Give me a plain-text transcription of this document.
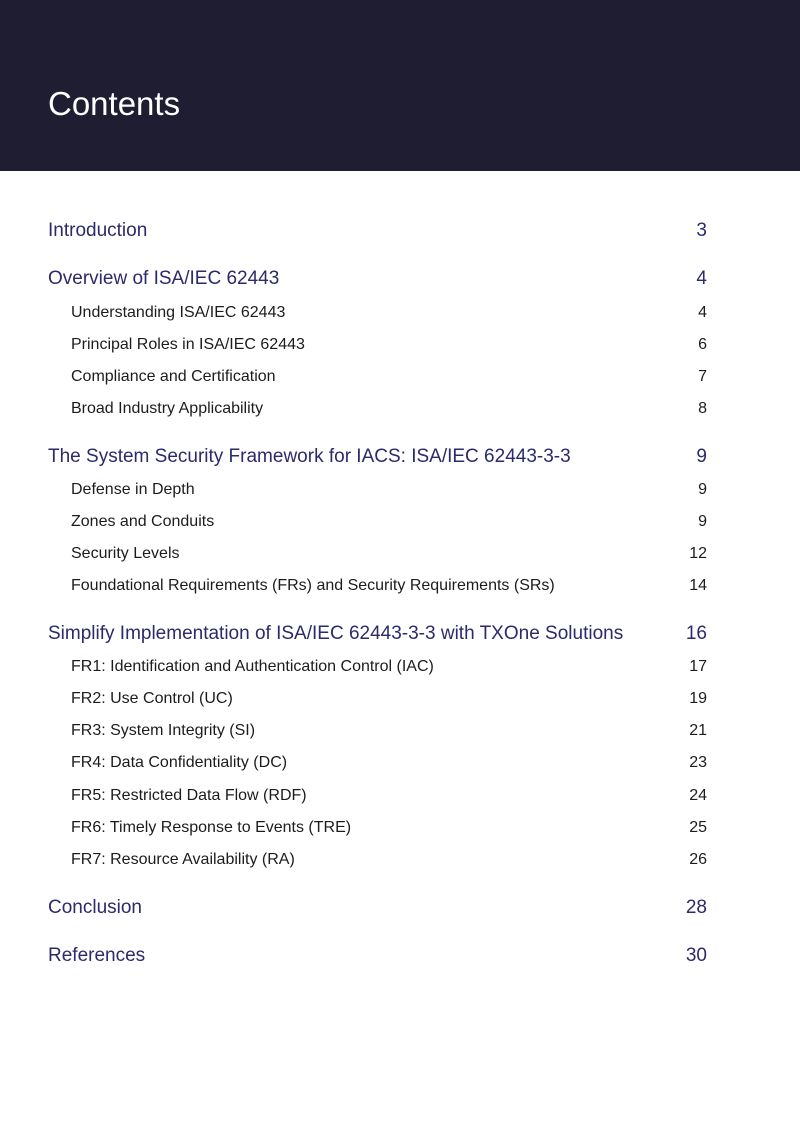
Contents
Introduction	3
Overview of ISA/IEC 62443	4
Understanding ISA/IEC 62443	4
Principal Roles in ISA/IEC 62443	6
Compliance and Certification	7
Broad Industry Applicability	8
The System Security Framework for IACS: ISA/IEC 62443-3-3	9
Defense in Depth	9
Zones and Conduits	9
Security Levels	12
Foundational Requirements (FRs) and Security Requirements (SRs)	14
Simplify Implementation of ISA/IEC 62443-3-3 with TXOne Solutions	16
FR1: Identification and Authentication Control (IAC)	17
FR2: Use Control (UC)	19
FR3: System Integrity (SI)	21
FR4: Data Confidentiality (DC)	23
FR5: Restricted Data Flow (RDF)	24
FR6: Timely Response to Events (TRE)	25
FR7: Resource Availability (RA)	26
Conclusion	28
References	30
